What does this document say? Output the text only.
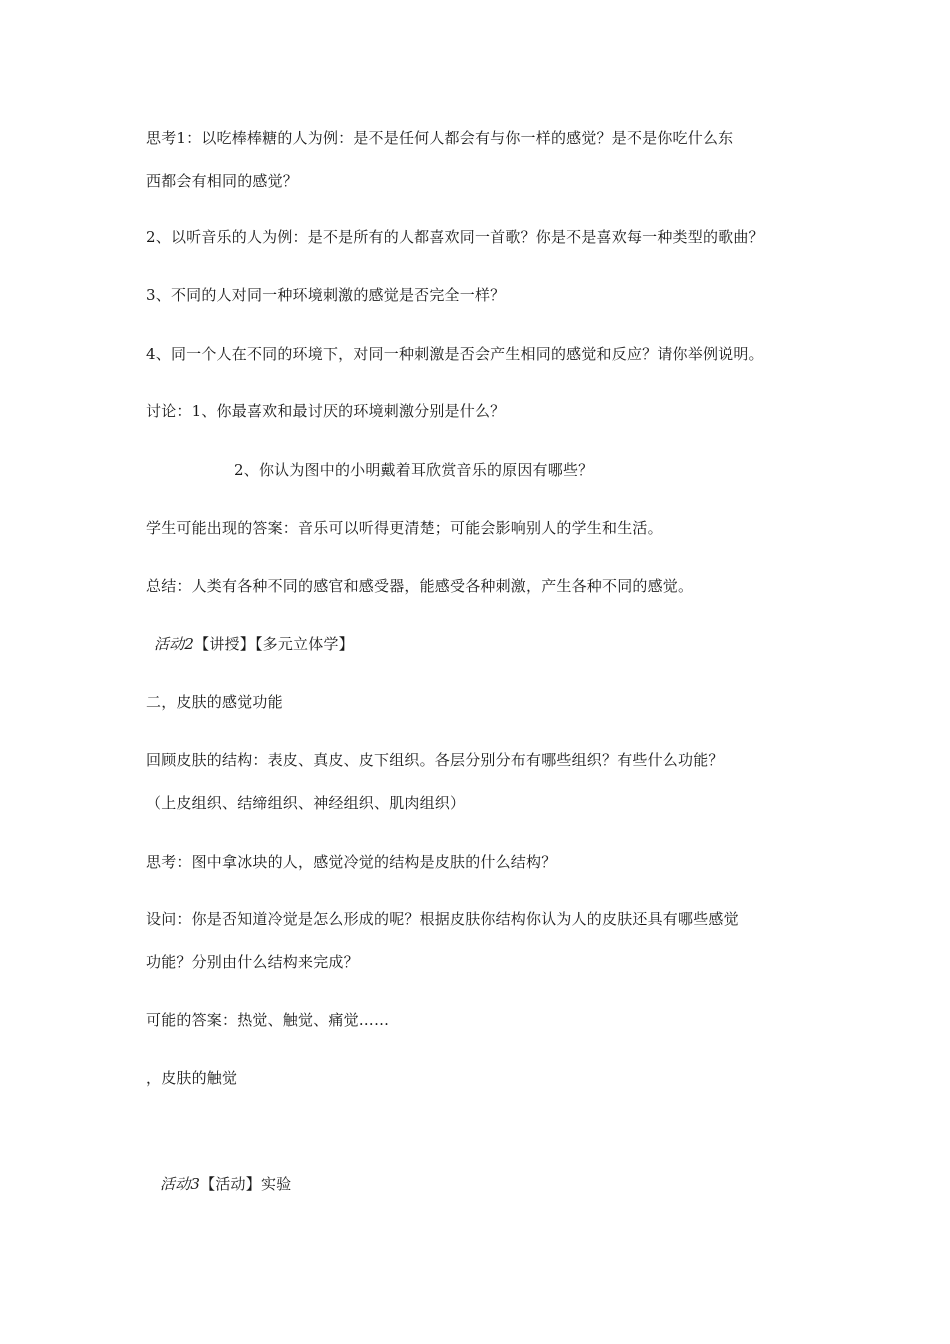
思考1：以吃棒棒糖的人为例：是不是任何人都会有与你一样的感觉？是不是你吃什么东
西都会有相同的感觉？
2、以听音乐的人为例：是不是所有的人都喜欢同一首歌？你是不是喜欢每一种类型的歌曲？
3、不同的人对同一种环境刺激的感觉是否完全一样？
4、同一个人在不同的环境下，对同一种刺激是否会产生相同的感觉和反应？请你举例说明。
讨论：1、你最喜欢和最讨厌的环境刺激分别是什么？
2、你认为图中的小明戴着耳欣赏音乐的原因有哪些？
学生可能出现的答案：音乐可以听得更清楚；可能会影响别人的学生和生活。
总结：人类有各种不同的感官和感受器，能感受各种刺激，产生各种不同的感觉。
活动2【讲授】【多元立体学】
二，皮肤的感觉功能
回顾皮肤的结构：表皮、真皮、皮下组织。各层分别分布有哪些组织？有些什么功能？
（上皮组织、结缔组织、神经组织、肌肉组织）
思考：图中拿冰块的人，感觉冷觉的结构是皮肤的什么结构？
设问：你是否知道冷觉是怎么形成的呢？根据皮肤你结构你认为人的皮肤还具有哪些感觉
功能？分别由什么结构来完成？
可能的答案：热觉、触觉、痛觉……
，皮肤的触觉
活动3【活动】实验
